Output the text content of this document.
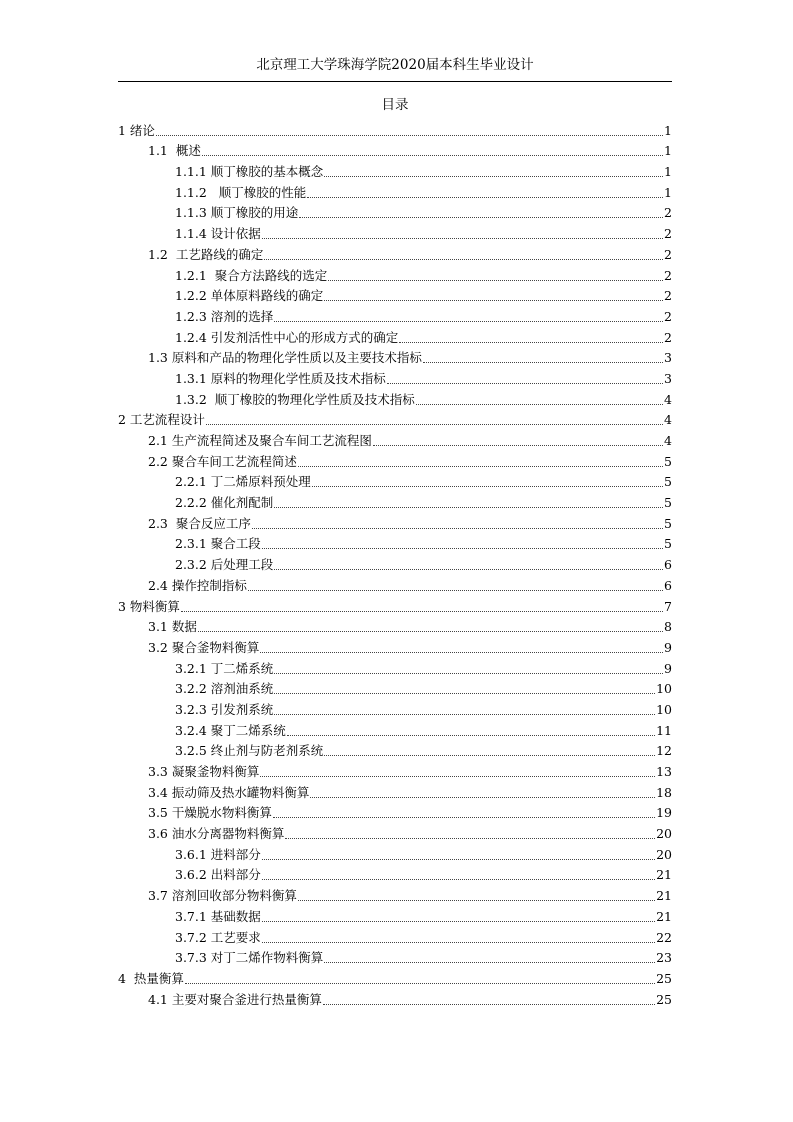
北京理工大学珠海学院2020届本科生毕业设计
目录
1 绪论	1
1.1  概述	1
1.1.1 顺丁橡胶的基本概念	1
1.1.2   顺丁橡胶的性能	1
1.1.3 顺丁橡胶的用途	2
1.1.4 设计依据	2
1.2  工艺路线的确定	2
1.2.1  聚合方法路线的选定	2
1.2.2 单体原料路线的确定	2
1.2.3 溶剂的选择	2
1.2.4 引发剂活性中心的形成方式的确定	2
1.3 原料和产品的物理化学性质以及主要技术指标	3
1.3.1 原料的物理化学性质及技术指标	3
1.3.2  顺丁橡胶的物理化学性质及技术指标	4
2 工艺流程设计	4
2.1 生产流程简述及聚合车间工艺流程图	4
2.2 聚合车间工艺流程简述	5
2.2.1 丁二烯原料预处理	5
2.2.2 催化剂配制	5
2.3  聚合反应工序	5
2.3.1 聚合工段	5
2.3.2 后处理工段	6
2.4 操作控制指标	6
3 物料衡算	7
3.1 数据	8
3.2 聚合釜物料衡算	9
3.2.1 丁二烯系统	9
3.2.2 溶剂油系统	10
3.2.3 引发剂系统	10
3.2.4 聚丁二烯系统	11
3.2.5 终止剂与防老剂系统	12
3.3 凝聚釜物料衡算	13
3.4 振动筛及热水罐物料衡算	18
3.5 干燥脱水物料衡算	19
3.6 油水分离器物料衡算	20
3.6.1 进料部分	20
3.6.2 出料部分	21
3.7 溶剂回收部分物料衡算	21
3.7.1 基础数据	21
3.7.2 工艺要求	22
3.7.3 对丁二烯作物料衡算	23
4  热量衡算	25
4.1 主要对聚合釜进行热量衡算	25
